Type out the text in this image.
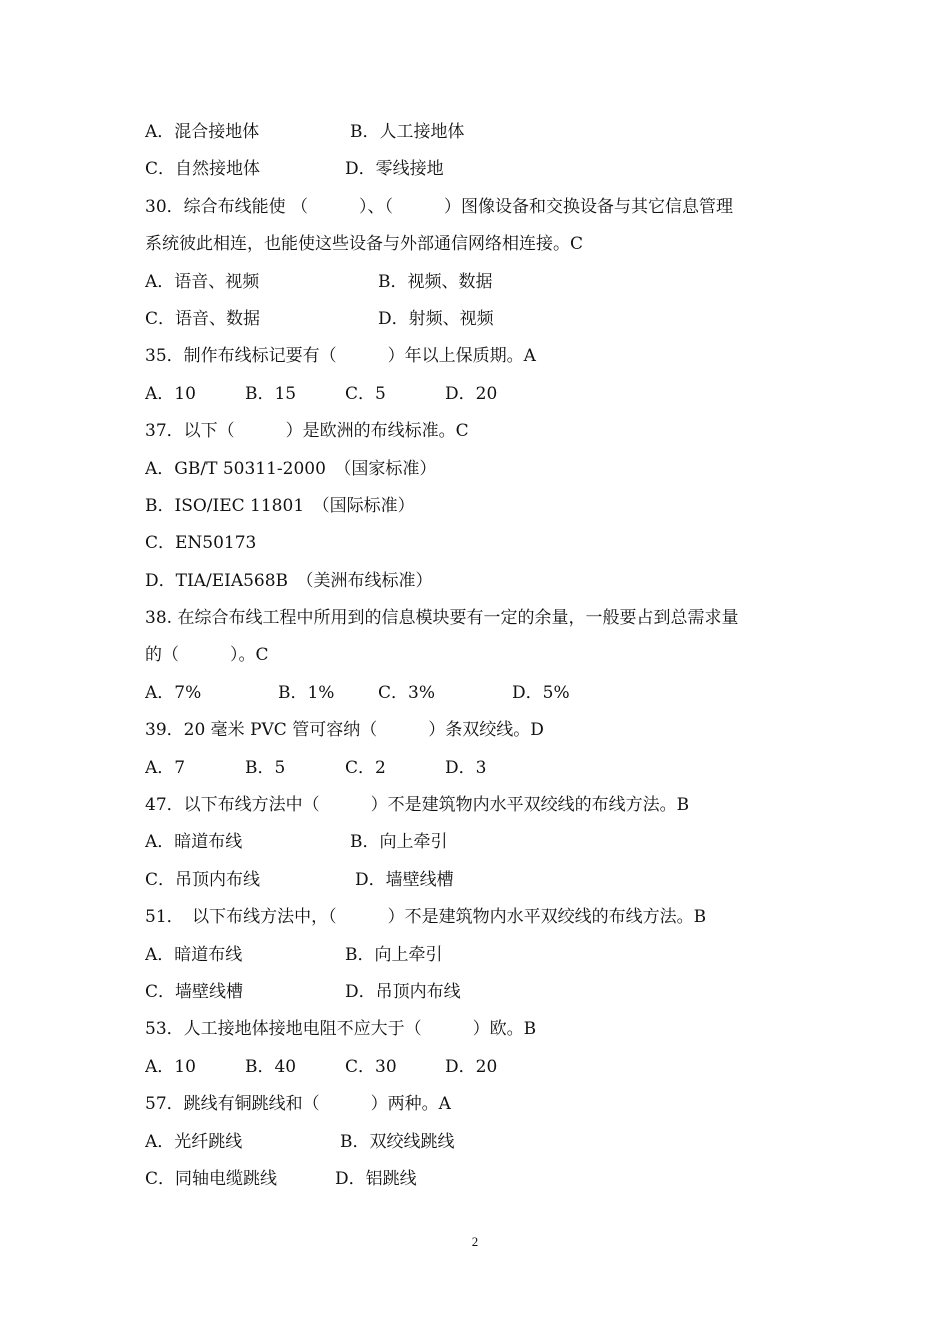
A．混合接地体	B．人工接地体
C．自然接地体	D．零线接地
30．综合布线能使 （　　　）、（　　　）图像设备和交换设备与其它信息管理
系统彼此相连，也能使这些设备与外部通信网络相连接。C
A．语音、视频	B．视频、数据
C．语音、数据	D．射频、视频
35．制作布线标记要有（　　　）年以上保质期。A
A．10	B．15	C．5	D．20
37．以下（　　　）是欧洲的布线标准。C
A．GB/T 50311-2000　（国家标准）
B．ISO/IEC 11801　（国际标准）
C．EN50173
D．TIA/EIA568B　（美洲布线标准）
38. 在综合布线工程中所用到的信息模块要有一定的余量，一般要占到总需求量
的（　　　）。C
A．7%	B．1%	C．3%	D．5%
39．20 毫米 PVC 管可容纳（　　　）条双绞线。D
A．7	B．5	C．2	D．3
47．以下布线方法中（　　　）不是建筑物内水平双绞线的布线方法。B
A．暗道布线	B．向上牵引
C．吊顶内布线	D．墙壁线槽
51．　以下布线方法中，（　　　）不是建筑物内水平双绞线的布线方法。B
A．暗道布线	B．向上牵引
C．墙壁线槽	D．吊顶内布线
53．人工接地体接地电阻不应大于（　　　）欧。B
A．10	B．40	C．30	D．20
57．跳线有铜跳线和（　　　）两种。A
A．光纤跳线	B．双绞线跳线
C．同轴电缆跳线	D．铝跳线
2
